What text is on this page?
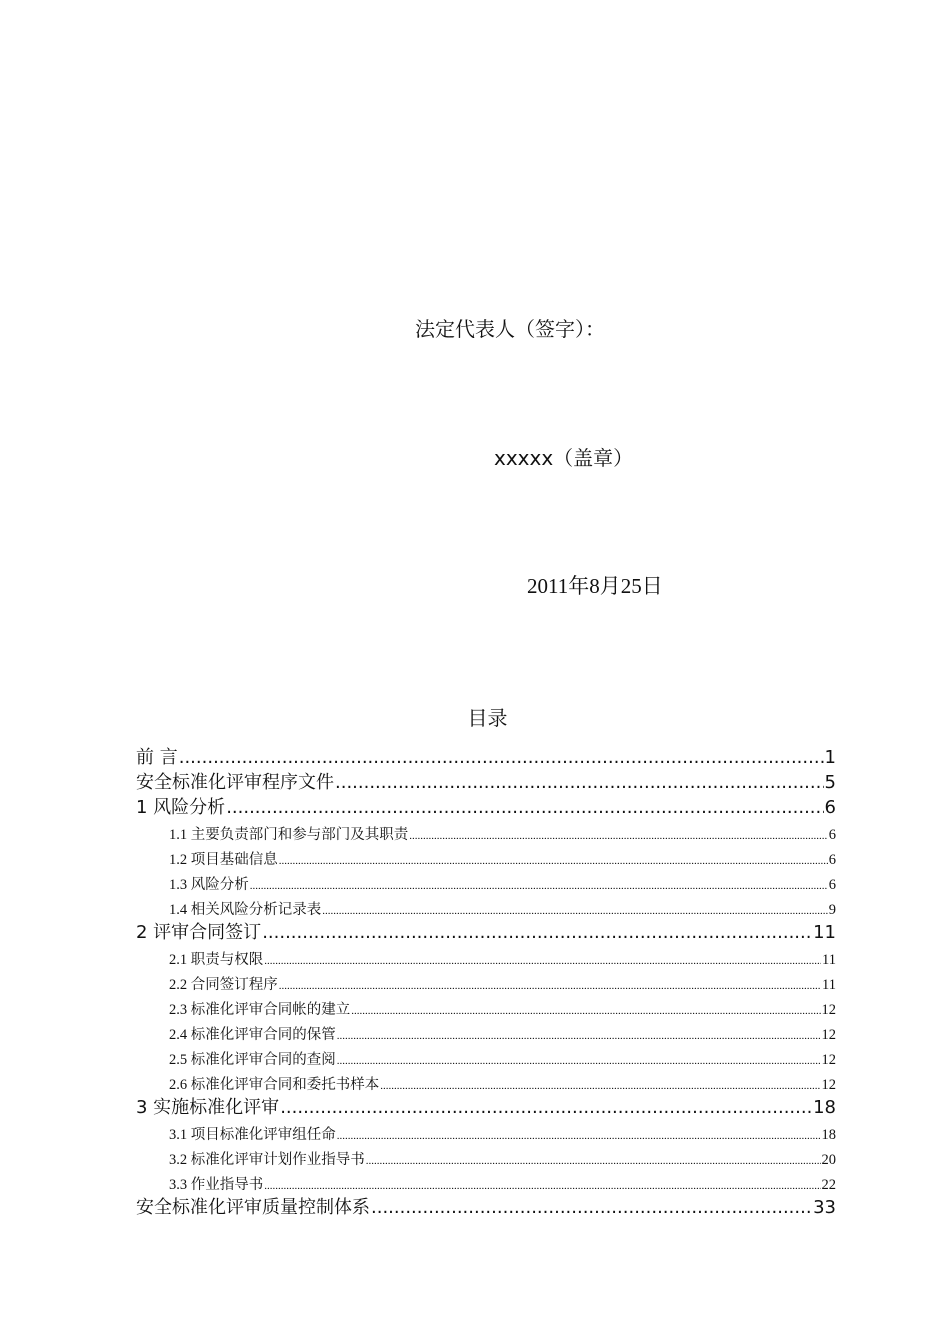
法定代表人（签字）：
xxxxx（盖章）
2011年8月25日
目录
前 言 .....	1
安全标准化评审程序文件 .....	5
1 风险分析 .....	6
1.1 主要负责部门和参与部门及其职责 .....	6
1.2 项目基础信息 .....	6
1.3 风险分析 .....	6
1.4 相关风险分析记录表 .....	9
2 评审合同签订 .....	11
2.1 职责与权限 .....	11
2.2 合同签订程序 .....	11
2.3 标准化评审合同帐的建立 .....	12
2.4 标准化评审合同的保管 .....	12
2.5 标准化评审合同的查阅 .....	12
2.6 标准化评审合同和委托书样本 .....	12
3 实施标准化评审 .....	18
3.1 项目标准化评审组任命 .....	18
3.2 标准化评审计划作业指导书 .....	20
3.3 作业指导书 .....	22
安全标准化评审质量控制体系 .....	33
